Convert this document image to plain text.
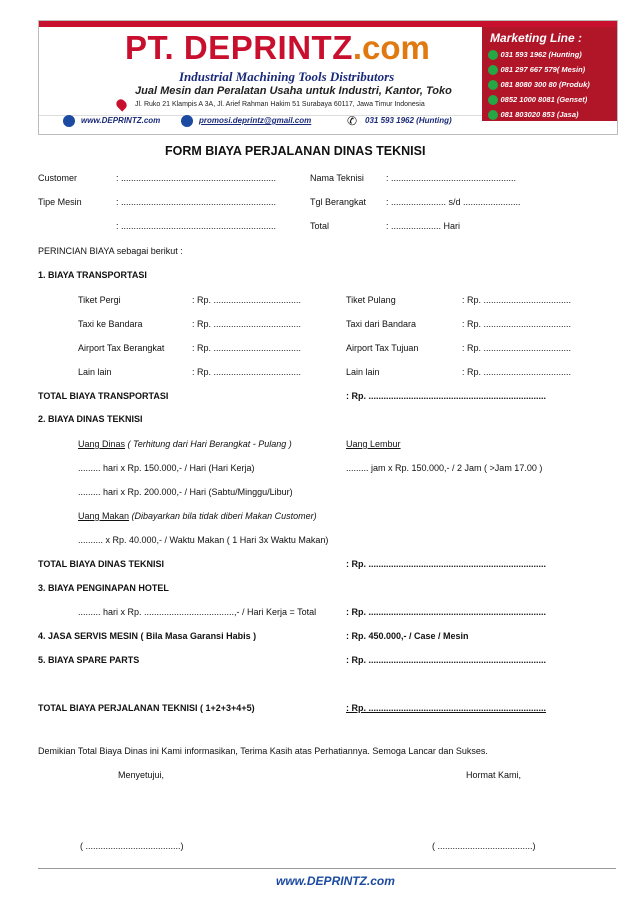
PT. DEPRINTZ.com
Industrial Machining Tools Distributors
Jual Mesin dan Peralatan Usaha untuk Industri, Kantor, Toko
Jl. Ruko 21 Klampis A 3A, Jl. Arief Rahman Hakim 51 Surabaya 60117, Jawa Timur Indonesia
www.DEPRINTZ.com	promosi.deprintz@gmail.com	✆ 031 593 1962 (Hunting)
Marketing Line :
031 593 1962 (Hunting)
081 297 667 579( Mesin)
081 8080 300 80 (Produk)
0852 1000 8081 (Genset)
081 803020 853 (Jasa)
FORM BIAYA PERJALANAN DINAS TEKNISI
Customer	: ..............................................................	Nama Teknisi : ..................................................
Tipe Mesin	: ..............................................................	Tgl Berangkat : ...................... s/d .......................
: ..............................................................	Total	: .................... Hari
PERINCIAN BIAYA sebagai berikut :
1. BIAYA TRANSPORTASI
Tiket Pergi	: Rp. ...................................	Tiket Pulang	: Rp. ...................................
Taxi ke Bandara	: Rp. ...................................	Taxi dari Bandara	: Rp. ...................................
Airport Tax Berangkat	: Rp. ...................................	Airport Tax Tujuan	: Rp. ...................................
Lain lain	: Rp. ...................................	Lain lain	: Rp. ...................................
TOTAL BIAYA TRANSPORTASI	: Rp. .......................................................................
2. BIAYA DINAS TEKNISI
Uang Dinas ( Terhitung dari Hari Berangkat - Pulang )	Uang Lembur
......... hari x Rp. 150.000,- / Hari (Hari Kerja)	......... jam x Rp. 150.000,- / 2 Jam ( >Jam 17.00 )
......... hari x Rp. 200.000,- / Hari (Sabtu/Minggu/Libur)
Uang Makan (Dibayarkan bila tidak diberi Makan Customer)
.......... x Rp. 40.000,- / Waktu Makan ( 1 Hari 3x Waktu Makan)
TOTAL BIAYA DINAS TEKNISI	: Rp. .......................................................................
3. BIAYA PENGINAPAN HOTEL
......... hari x Rp. ....................................,- / Hari Kerja = Total	: Rp. .......................................................................
4. JASA SERVIS MESIN ( Bila Masa Garansi Habis )	: Rp. 450.000,- / Case / Mesin
5. BIAYA SPARE PARTS	: Rp. .......................................................................
TOTAL BIAYA PERJALANAN TEKNISI ( 1+2+3+4+5)	: Rp. .......................................................................
Demikian Total Biaya Dinas ini Kami informasikan, Terima Kasih atas Perhatiannya. Semoga Lancar dan Sukses.
Menyetujui,	Hormat Kami,
( ......................................)	( ......................................)
www.DEPRINTZ.com
